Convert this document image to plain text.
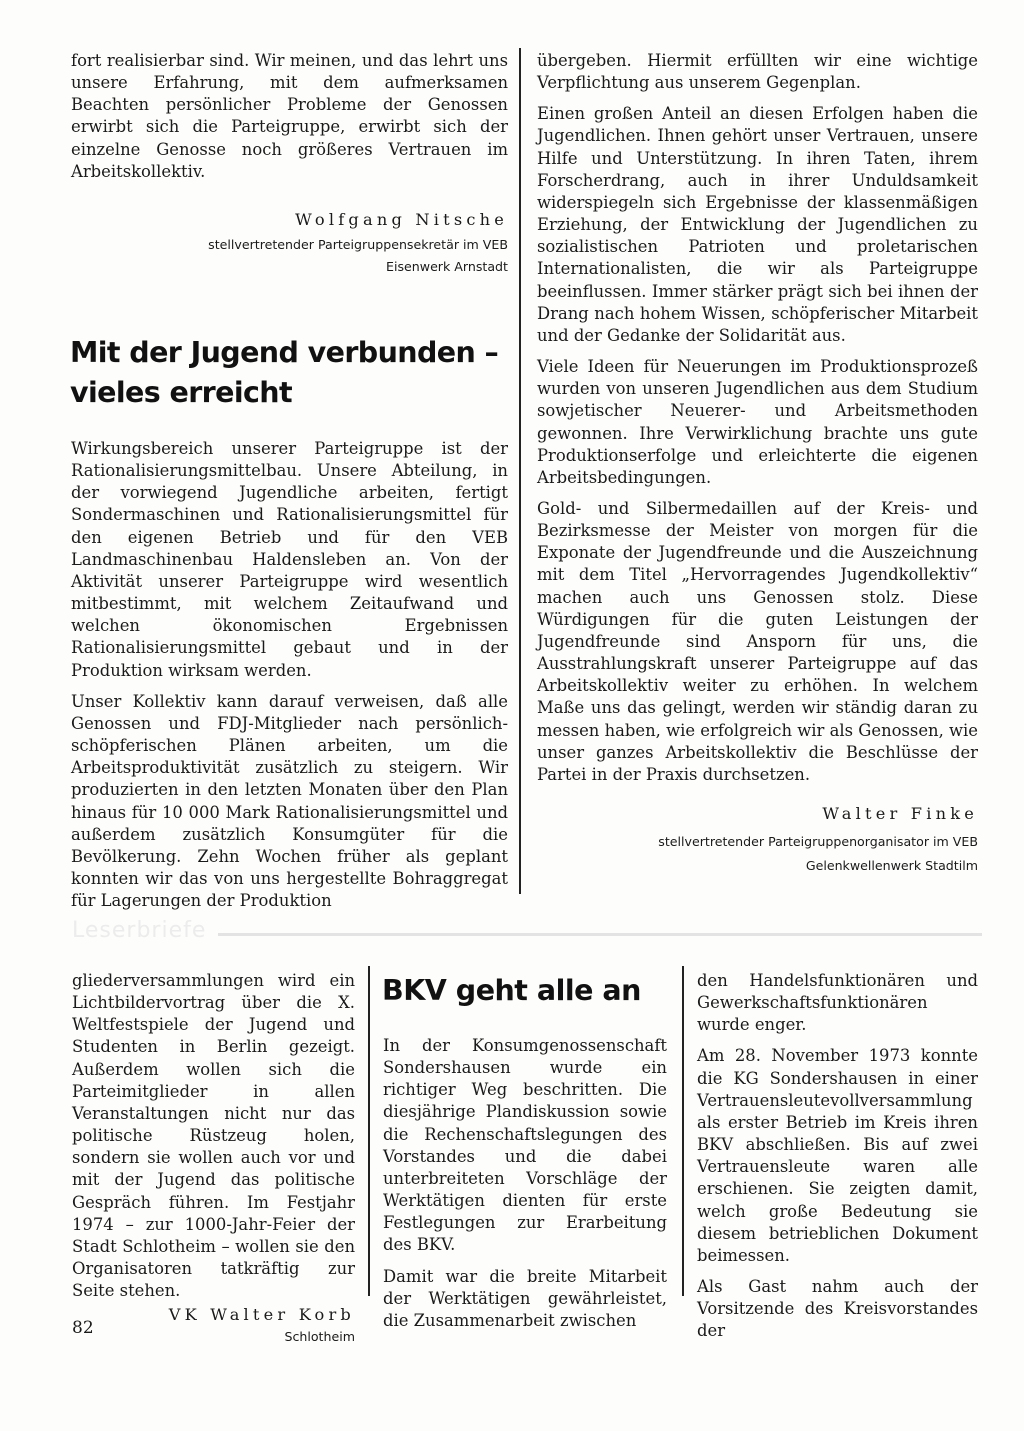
fort realisierbar sind. Wir meinen, und das lehrt uns unsere Erfahrung, mit dem aufmerksamen Beachten persönlicher Probleme der Genossen erwirbt sich die Parteigruppe, erwirbt sich der einzelne Genosse noch größeres Vertrauen im Arbeitskollektiv.

Wolfgang Nitsche

stellvertretender Parteigruppensekretär im VEB

Eisenwerk Arnstadt

Mit der Jugend verbunden –
vieles erreicht

Wirkungsbereich unserer Parteigruppe ist der Rationalisierungsmittelbau. Unsere Abteilung, in der vorwiegend Jugendliche arbeiten, fertigt Sondermaschinen und Rationalisierungsmittel für den eigenen Betrieb und für den VEB Landmaschinenbau Haldensleben an. Von der Aktivität unserer Parteigruppe wird wesentlich mitbestimmt, mit welchem Zeitaufwand und welchen ökonomischen Ergebnissen Rationalisierungsmittel gebaut und in der Produktion wirksam werden.

Unser Kollektiv kann darauf verweisen, daß alle Genossen und FDJ-Mitglieder nach persönlich-schöpferischen Plänen arbeiten, um die Arbeitsproduktivität zusätzlich zu steigern. Wir produzierten in den letzten Monaten über den Plan hinaus für 10 000 Mark Rationalisierungsmittel und außerdem zusätzlich Konsumgüter für die Bevölkerung. Zehn Wochen früher als geplant konnten wir das von uns hergestellte Bohraggregat für Lagerungen der Produktion

übergeben. Hiermit erfüllten wir eine wichtige Verpflichtung aus unserem Gegenplan.

Einen großen Anteil an diesen Erfolgen haben die Jugendlichen. Ihnen gehört unser Vertrauen, unsere Hilfe und Unterstützung. In ihren Taten, ihrem Forscherdrang, auch in ihrer Unduldsamkeit widerspiegeln sich Ergebnisse der klassenmäßigen Erziehung, der Entwicklung der Jugendlichen zu sozialistischen Patrioten und proletarischen Internationalisten, die wir als Parteigruppe beeinflussen. Immer stärker prägt sich bei ihnen der Drang nach hohem Wissen, schöpferischer Mitarbeit und der Gedanke der Solidarität aus.

Viele Ideen für Neuerungen im Produktionsprozeß wurden von unseren Jugendlichen aus dem Studium sowjetischer Neuerer- und Arbeitsmethoden gewonnen. Ihre Verwirklichung brachte uns gute Produktionserfolge und erleichterte die eigenen Arbeitsbedingungen.

Gold- und Silbermedaillen auf der Kreis- und Bezirksmesse der Meister von morgen für die Exponate der Jugendfreunde und die Auszeichnung mit dem Titel „Hervorragendes Jugendkollektiv“ machen auch uns Genossen stolz. Diese Würdigungen für die guten Leistungen der Jugendfreunde sind Ansporn für uns, die Ausstrahlungskraft unserer Parteigruppe auf das Arbeitskollektiv weiter zu erhöhen. In welchem Maße uns das gelingt, werden wir ständig daran zu messen haben, wie erfolgreich wir als Genossen, wie unser ganzes Arbeitskollektiv die Beschlüsse der Partei in der Praxis durchsetzen.

Walter Finke

stellvertretender Parteigruppenorganisator im VEB

Gelenkwellenwerk Stadtilm

Leserbriefe

gliederversammlungen wird ein Lichtbildervortrag über die X. Weltfestspiele der Jugend und Studenten in Berlin gezeigt. Außerdem wollen sich die Parteimitglieder in allen Veranstaltungen nicht nur das politische Rüstzeug holen, sondern sie wollen auch vor und mit der Jugend das politische Gespräch führen. Im Festjahr 1974 – zur 1000-Jahr-Feier der Stadt Schlotheim – wollen sie den Organisatoren tatkräftig zur Seite stehen.

VK Walter Korb

Schlotheim

BKV geht alle an

In der Konsumgenossenschaft Sondershausen wurde ein richtiger Weg beschritten. Die diesjährige Plandiskussion sowie die Rechenschaftslegungen des Vorstandes und die dabei unterbreiteten Vorschläge der Werktätigen dienten für erste Festlegungen zur Erarbeitung des BKV.

Damit war die breite Mitarbeit der Werktätigen gewährleistet, die Zusammenarbeit zwischen

den Handelsfunktionären und Gewerkschaftsfunktionären wurde enger.

Am 28. November 1973 konnte die KG Sondershausen in einer Vertrauensleutevollversammlung als erster Betrieb im Kreis ihren BKV abschließen. Bis auf zwei Vertrauensleute waren alle erschienen. Sie zeigten damit, welch große Bedeutung sie diesem betrieblichen Dokument beimessen.

Als Gast nahm auch der Vorsitzende des Kreisvorstandes der

82
